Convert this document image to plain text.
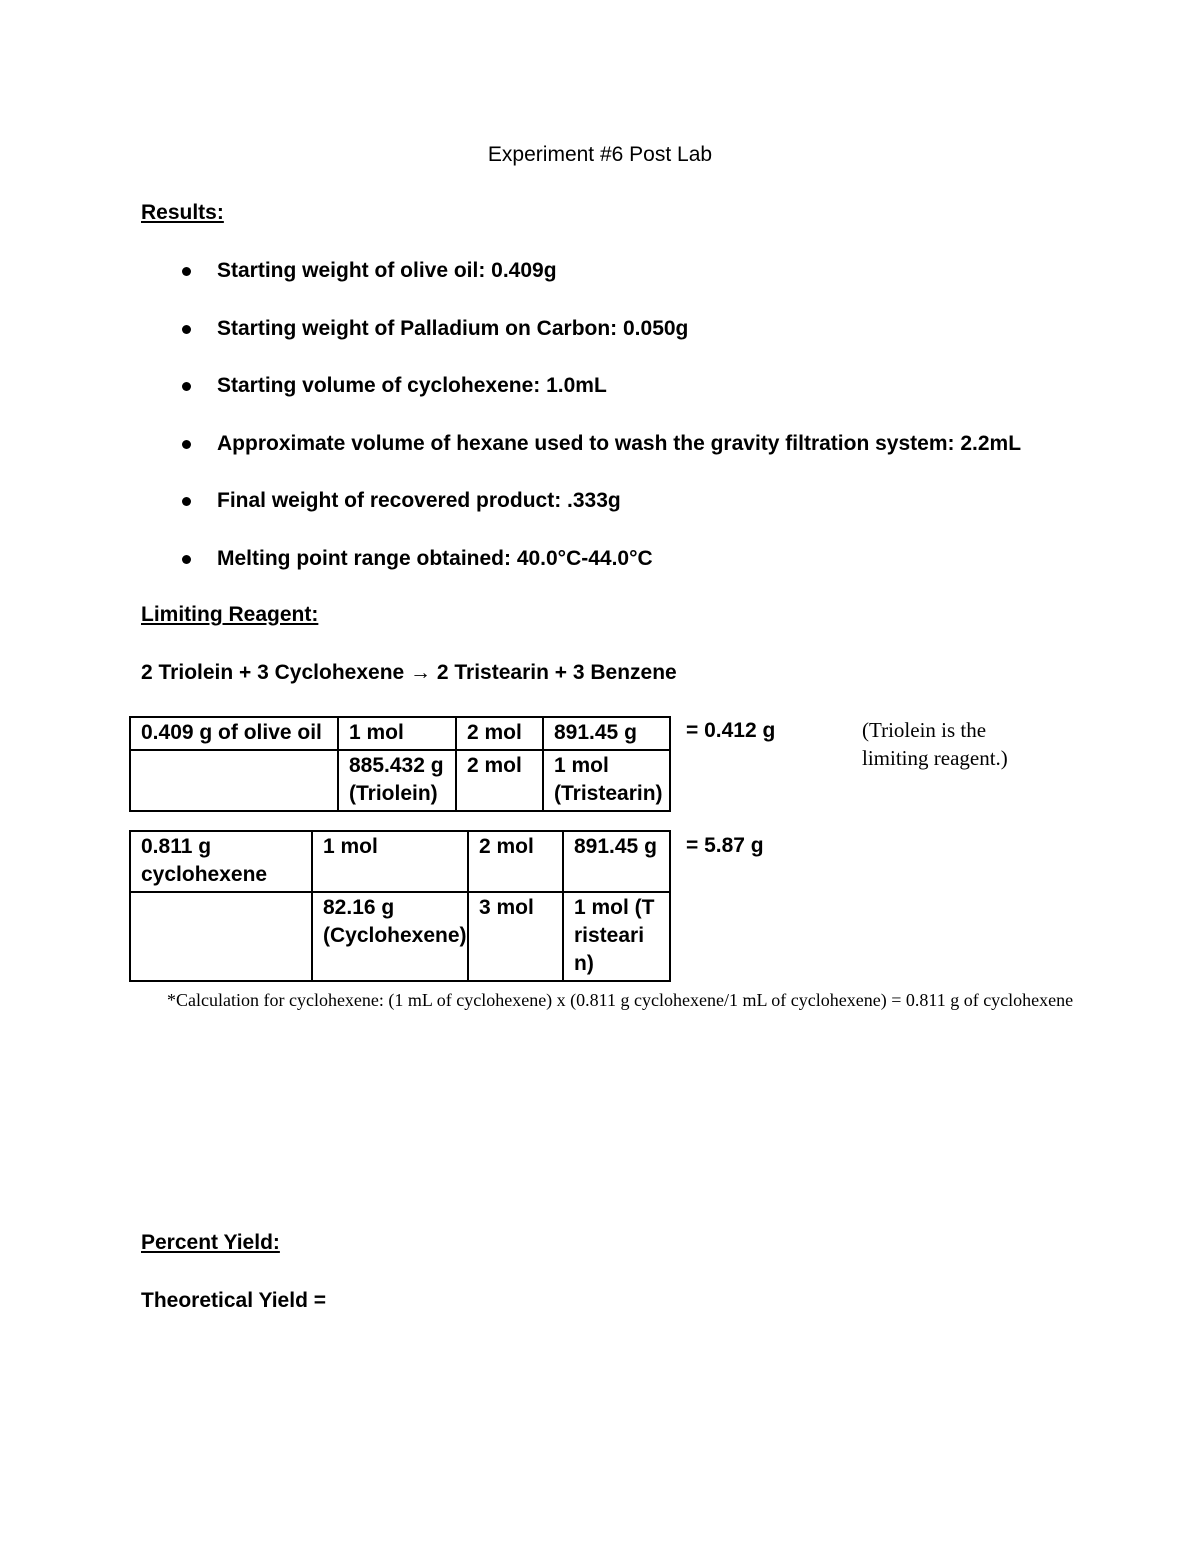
Experiment #6 Post Lab
Results:
Starting weight of olive oil: 0.409g
Starting weight of Palladium on Carbon: 0.050g
Starting volume of cyclohexene: 1.0mL
Approximate volume of hexane used to wash the gravity filtration system: 2.2mL
Final weight of recovered product: .333g
Melting point range obtained: 40.0°C-44.0°C
Limiting Reagent:
2 Triolein + 3 Cyclohexene → 2 Tristearin + 3 Benzene
0.409 g of olive oil	1 mol	2 mol	891.45 g
	885.432 g (Triolein)	2 mol	1 mol (Tristearin)
= 0.412 g	(Triolein is the limiting reagent.)
0.811 g cyclohexene	1 mol	2 mol	891.45 g
	82.16 g (Cyclohexene)	3 mol	1 mol (Tristearin)
= 5.87 g
*Calculation for cyclohexene: (1 mL of cyclohexene) x (0.811 g cyclohexene/1 mL of cyclohexene) = 0.811 g of cyclohexene
Percent Yield:
Theoretical Yield =
